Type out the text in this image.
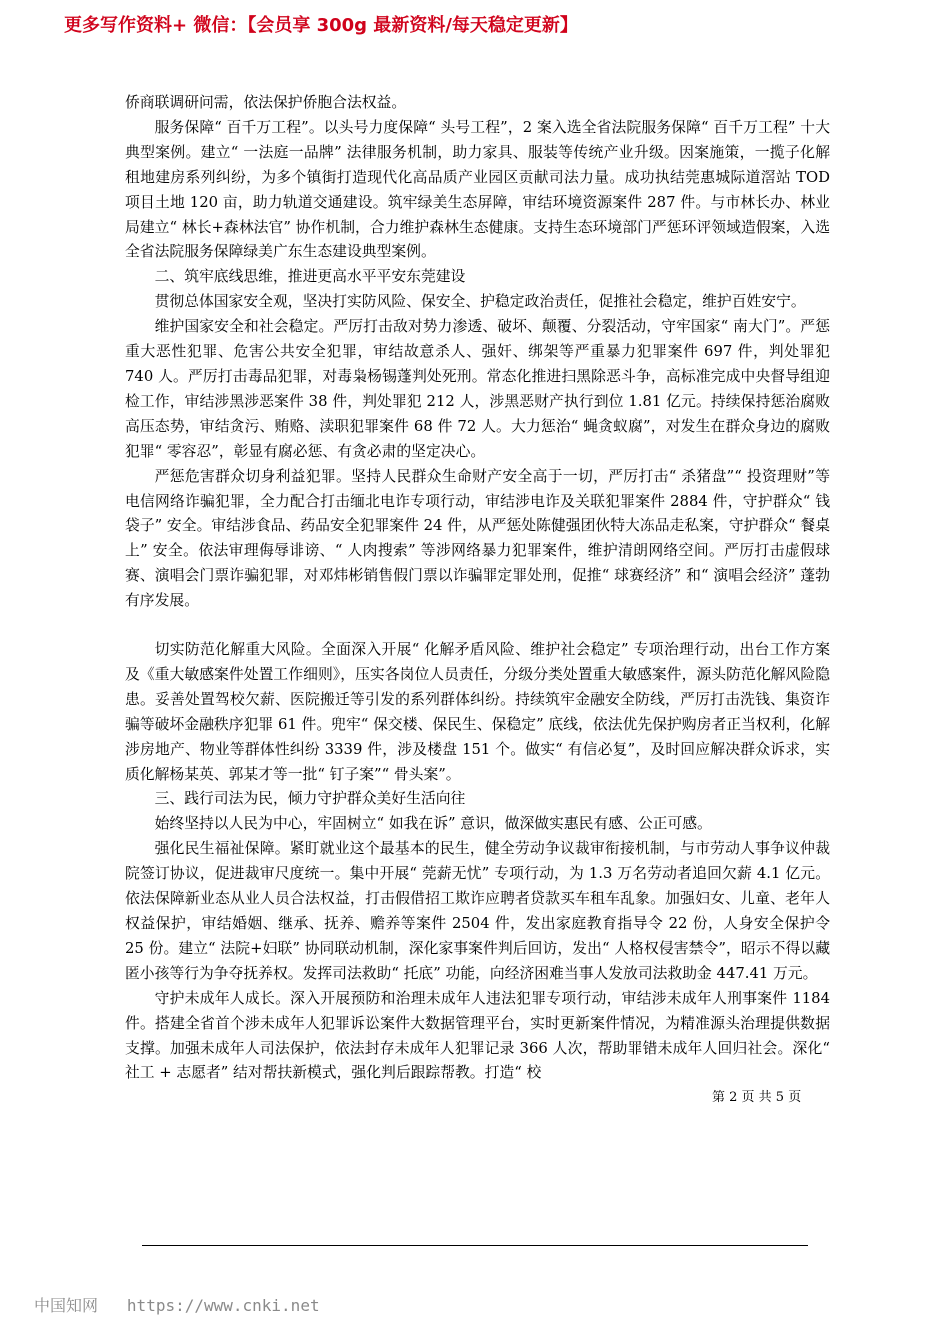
更多写作资料+ 微信：【会员享 300g 最新资料/每天稳定更新】

侨商联调研问需，依法保护侨胞合法权益。

服务保障“ 百千万工程”。以头号力度保障“ 头号工程”，2 案入选全省法院服务保障“ 百千万工程” 十大典型案例。建立“ 一法庭一品牌” 法律服务机制，助力家具、服装等传统产业升级。因案施策，一揽子化解租地建房系列纠纷，为多个镇街打造现代化高品质产业园区贡献司法力量。成功执结莞惠城际道滘站 TOD 项目土地 120 亩，助力轨道交通建设。筑牢绿美生态屏障，审结环境资源案件 287 件。与市林长办、林业局建立“ 林长+森林法官” 协作机制，合力维护森林生态健康。支持生态环境部门严惩环评领域造假案，入选全省法院服务保障绿美广东生态建设典型案例。

二、筑牢底线思维，推进更高水平平安东莞建设

贯彻总体国家安全观，坚决打实防风险、保安全、护稳定政治责任，促推社会稳定，维护百姓安宁。

维护国家安全和社会稳定。严厉打击敌对势力渗透、破坏、颠覆、分裂活动，守牢国家“ 南大门”。严惩重大恶性犯罪、危害公共安全犯罪，审结故意杀人、强奸、绑架等严重暴力犯罪案件 697 件，判处罪犯 740 人。严厉打击毒品犯罪，对毒枭杨锡蓬判处死刑。常态化推进扫黑除恶斗争，高标准完成中央督导组迎检工作，审结涉黑涉恶案件 38 件，判处罪犯 212 人，涉黑恶财产执行到位 1.81 亿元。持续保持惩治腐败高压态势，审结贪污、贿赂、渎职犯罪案件 68 件 72 人。大力惩治“ 蝇贪蚁腐”，对发生在群众身边的腐败犯罪“ 零容忍”，彰显有腐必惩、有贪必肃的坚定决心。

严惩危害群众切身利益犯罪。坚持人民群众生命财产安全高于一切，严厉打击“ 杀猪盘”“ 投资理财”等电信网络诈骗犯罪，全力配合打击缅北电诈专项行动，审结涉电诈及关联犯罪案件 2884 件，守护群众“ 钱袋子” 安全。审结涉食品、药品安全犯罪案件 24 件，从严惩处陈健强团伙特大冻品走私案，守护群众“ 餐桌上” 安全。依法审理侮辱诽谤、“ 人肉搜索” 等涉网络暴力犯罪案件，维护清朗网络空间。严厉打击虚假球赛、演唱会门票诈骗犯罪，对邓炜彬销售假门票以诈骗罪定罪处刑，促推“ 球赛经济” 和“ 演唱会经济” 蓬勃有序发展。

切实防范化解重大风险。全面深入开展“ 化解矛盾风险、维护社会稳定” 专项治理行动，出台工作方案及《重大敏感案件处置工作细则》，压实各岗位人员责任，分级分类处置重大敏感案件，源头防范化解风险隐患。妥善处置驾校欠薪、医院搬迁等引发的系列群体纠纷。持续筑牢金融安全防线，严厉打击洗钱、集资诈骗等破坏金融秩序犯罪 61 件。兜牢“ 保交楼、保民生、保稳定” 底线，依法优先保护购房者正当权利，化解涉房地产、物业等群体性纠纷 3339 件，涉及楼盘 151 个。做实“ 有信必复”，及时回应解决群众诉求，实质化解杨某英、郭某才等一批“ 钉子案”“ 骨头案”。

三、践行司法为民，倾力守护群众美好生活向往

始终坚持以人民为中心，牢固树立“ 如我在诉” 意识，做深做实惠民有感、公正可感。

强化民生福祉保障。紧盯就业这个最基本的民生，健全劳动争议裁审衔接机制，与市劳动人事争议仲裁院签订协议，促进裁审尺度统一。集中开展“ 莞薪无忧” 专项行动，为 1.3 万名劳动者追回欠薪 4.1 亿元。依法保障新业态从业人员合法权益，打击假借招工欺诈应聘者贷款买车租车乱象。加强妇女、儿童、老年人权益保护，审结婚姻、继承、抚养、赡养等案件 2504 件，发出家庭教育指导令 22 份，人身安全保护令 25 份。建立“ 法院+妇联” 协同联动机制，深化家事案件判后回访，发出“ 人格权侵害禁令”，昭示不得以藏匿小孩等行为争夺抚养权。发挥司法救助“ 托底” 功能，向经济困难当事人发放司法救助金 447.41 万元。

守护未成年人成长。深入开展预防和治理未成年人违法犯罪专项行动，审结涉未成年人刑事案件 1184 件。搭建全省首个涉未成年人犯罪诉讼案件大数据管理平台，实时更新案件情况，为精准源头治理提供数据支撑。加强未成年人司法保护，依法封存未成年人犯罪记录 366 人次，帮助罪错未成年人回归社会。深化“ 社工 + 志愿者” 结对帮扶新模式，强化判后跟踪帮教。打造“ 校

第 2 页 共 5 页
中国知网 https://www.cnki.net
